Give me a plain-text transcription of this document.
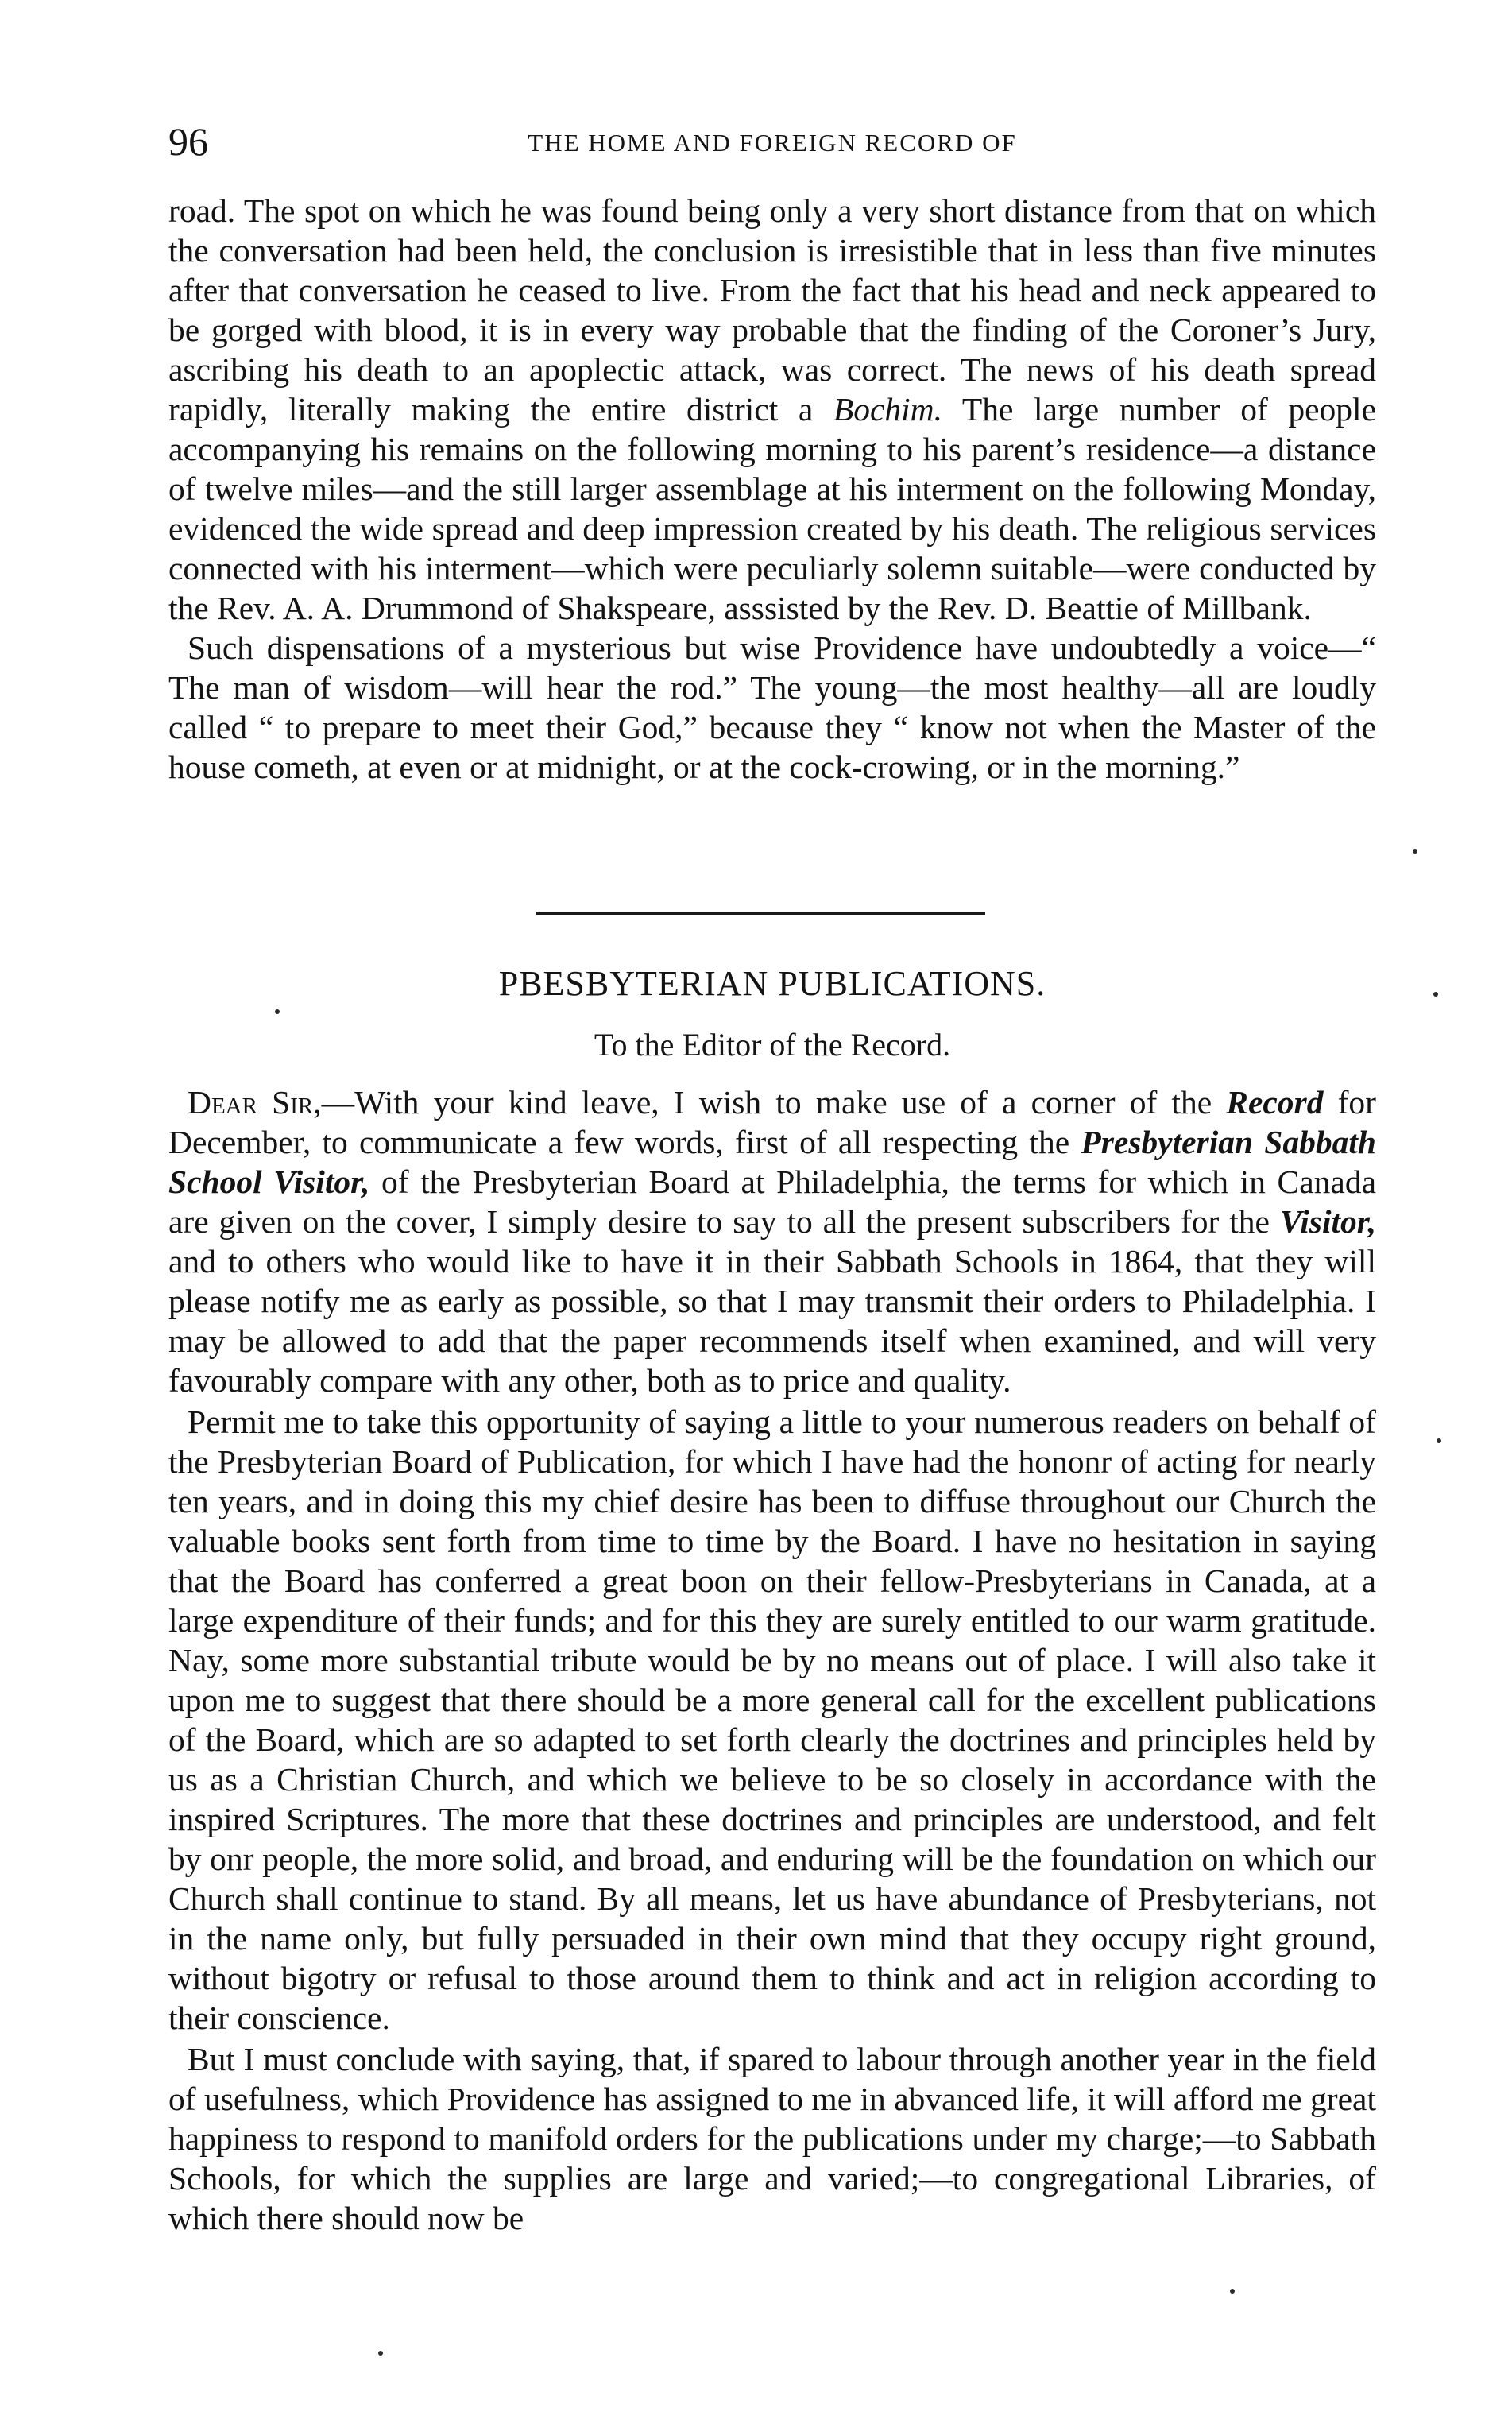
96	THE HOME AND FOREIGN RECORD OF

road. The spot on which he was found being only a very short distance from that on which the conversation had been held, the conclusion is irresistible that in less than five minutes after that conversation he ceased to live. From the fact that his head and neck appeared to be gorged with blood, it is in every way probable that the finding of the Coroner’s Jury, ascribing his death to an apoplectic attack, was correct. The news of his death spread rapidly, literally making the entire district a Bochim. The large number of people accompanying his remains on the following morning to his parent’s residence—a distance of twelve miles—and the still larger assemblage at his interment on the following Monday, evidenced the wide spread and deep impression created by his death. The religious services connected with his interment—which were peculiarly solemn suitable—were conducted by the Rev. A. A. Drummond of Shakspeare, asssisted by the Rev. D. Beattie of Millbank.

Such dispensations of a mysterious but wise Providence have undoubtedly a voice—“ The man of wisdom—will hear the rod.” The young—the most healthy—all are loudly called “ to prepare to meet their God,” because they “ know not when the Master of the house cometh, at even or at midnight, or at the cock-crowing, or in the morning.”

PBESBYTERIAN PUBLICATIONS.
To the Editor of the Record.

Dear Sir,—With your kind leave, I wish to make use of a corner of the Record for December, to communicate a few words, first of all respecting the Presbyterian Sabbath School Visitor, of the Presbyterian Board at Philadelphia, the terms for which in Canada are given on the cover, I simply desire to say to all the present subscribers for the Visitor, and to others who would like to have it in their Sabbath Schools in 1864, that they will please notify me as early as possible, so that I may transmit their orders to Philadelphia. I may be allowed to add that the paper recommends itself when examined, and will very favourably compare with any other, both as to price and quality.

Permit me to take this opportunity of saying a little to your numerous readers on behalf of the Presbyterian Board of Publication, for which I have had the hononr of acting for nearly ten years, and in doing this my chief desire has been to diffuse throughout our Church the valuable books sent forth from time to time by the Board. I have no hesitation in saying that the Board has conferred a great boon on their fellow-Presbyterians in Canada, at a large expenditure of their funds; and for this they are surely entitled to our warm gratitude. Nay, some more substantial tribute would be by no means out of place. I will also take it upon me to suggest that there should be a more general call for the excellent publications of the Board, which are so adapted to set forth clearly the doctrines and principles held by us as a Christian Church, and which we believe to be so closely in accordance with the inspired Scriptures. The more that these doctrines and principles are understood, and felt by onr people, the more solid, and broad, and enduring will be the foundation on which our Church shall continue to stand. By all means, let us have abundance of Presbyterians, not in the name only, but fully persuaded in their own mind that they occupy right ground, without bigotry or refusal to those around them to think and act in religion according to their conscience.

But I must conclude with saying, that, if spared to labour through another year in the field of usefulness, which Providence has assigned to me in abvanced life, it will afford me great happiness to respond to manifold orders for the publications under my charge;—to Sabbath Schools, for which the supplies are large and varied;—to congregational Libraries, of which there should now be
